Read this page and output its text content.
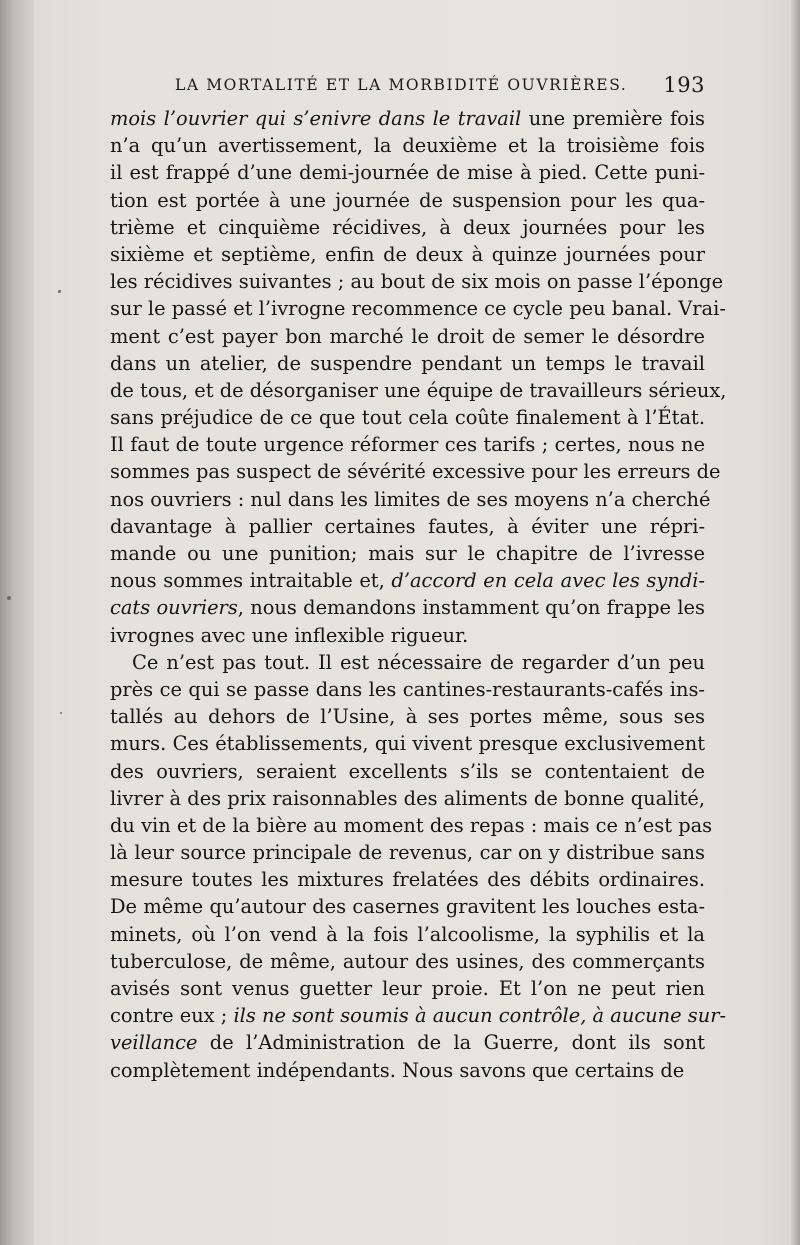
LA MORTALITÉ ET LA MORBIDITÉ OUVRIÈRES. 193
mois l’ouvrier qui s’enivre dans le travail une première fois
n’a qu’un avertissement, la deuxième et la troisième fois
il est frappé d’une demi-journée de mise à pied. Cette puni-
tion est portée à une journée de suspension pour les qua-
trième et cinquième récidives, à deux journées pour les
sixième et septième, enfin de deux à quinze journées pour
les récidives suivantes ; au bout de six mois on passe l’éponge
sur le passé et l’ivrogne recommence ce cycle peu banal. Vrai-
ment c’est payer bon marché le droit de semer le désordre
dans un atelier, de suspendre pendant un temps le travail
de tous, et de désorganiser une équipe de travailleurs sérieux,
sans préjudice de ce que tout cela coûte finalement à l’État.
Il faut de toute urgence réformer ces tarifs ; certes, nous ne
sommes pas suspect de sévérité excessive pour les erreurs de
nos ouvriers : nul dans les limites de ses moyens n’a cherché
davantage à pallier certaines fautes, à éviter une répri-
mande ou une punition; mais sur le chapitre de l’ivresse
nous sommes intraitable et, d’accord en cela avec les syndi-
cats ouvriers, nous demandons instamment qu’on frappe les
ivrognes avec une inflexible rigueur.
Ce n’est pas tout. Il est nécessaire de regarder d’un peu
près ce qui se passe dans les cantines-restaurants-cafés ins-
tallés au dehors de l’Usine, à ses portes même, sous ses
murs. Ces établissements, qui vivent presque exclusivement
des ouvriers, seraient excellents s’ils se contentaient de
livrer à des prix raisonnables des aliments de bonne qualité,
du vin et de la bière au moment des repas : mais ce n’est pas
là leur source principale de revenus, car on y distribue sans
mesure toutes les mixtures frelatées des débits ordinaires.
De même qu’autour des casernes gravitent les louches esta-
minets, où l’on vend à la fois l’alcoolisme, la syphilis et la
tuberculose, de même, autour des usines, des commerçants
avisés sont venus guetter leur proie. Et l’on ne peut rien
contre eux ; ils ne sont soumis à aucun contrôle, à aucune sur-
veillance de l’Administration de la Guerre, dont ils sont
complètement indépendants. Nous savons que certains de
